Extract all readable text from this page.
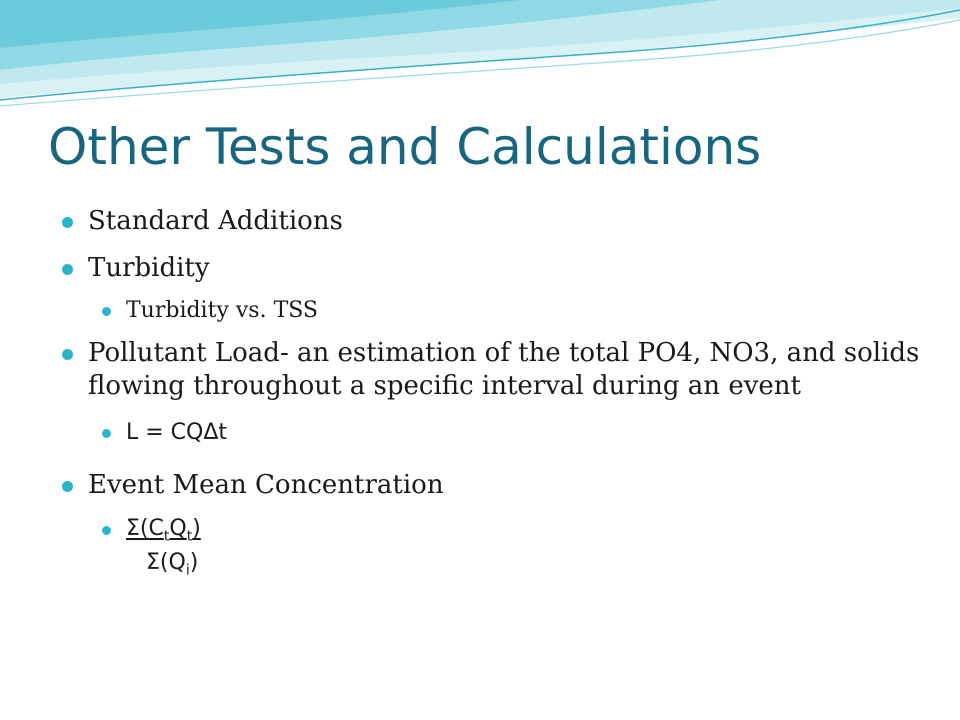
Other Tests and Calculations
Standard Additions
Turbidity
Turbidity vs. TSS
Pollutant Load- an estimation of the total PO4, NO3, and solids flowing throughout a specific interval during an event
L = CQΔt
Event Mean Concentration
$\Sigma(C_tQ_t)$
$\Sigma(Q_i)$
